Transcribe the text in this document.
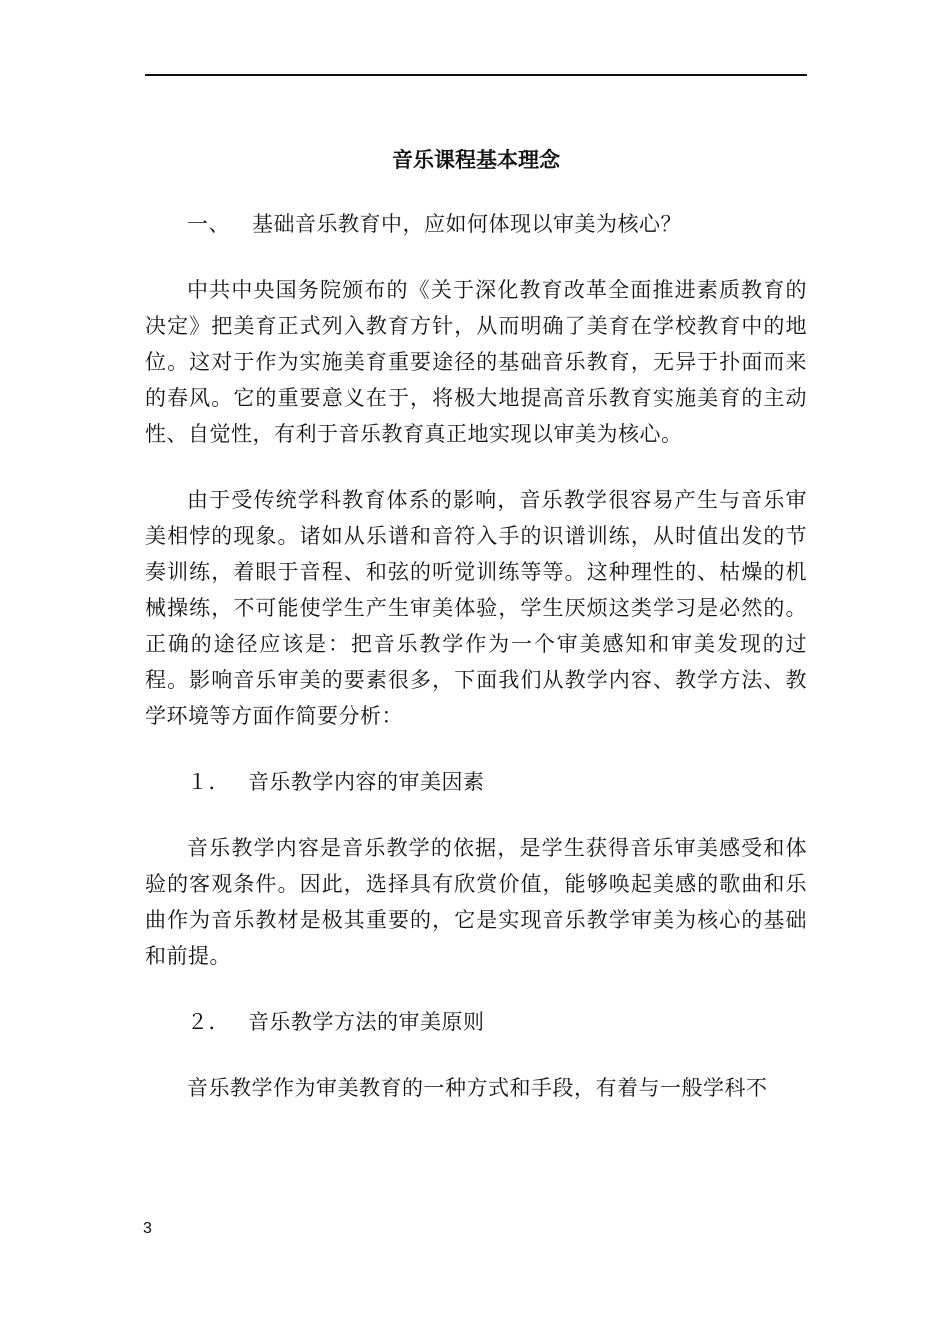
音乐课程基本理念
一、 基础音乐教育中，应如何体现以审美为核心？

中共中央国务院颁布的《关于深化教育改革全面推进素质教育的决定》把美育正式列入教育方针，从而明确了美育在学校教育中的地位。这对于作为实施美育重要途径的基础音乐教育，无异于扑面而来的春风。它的重要意义在于，将极大地提高音乐教育实施美育的主动性、自觉性，有利于音乐教育真正地实现以审美为核心。

由于受传统学科教育体系的影响，音乐教学很容易产生与音乐审美相悖的现象。诸如从乐谱和音符入手的识谱训练，从时值出发的节奏训练，着眼于音程、和弦的听觉训练等等。这种理性的、枯燥的机械操练，不可能使学生产生审美体验，学生厌烦这类学习是必然的。正确的途径应该是：把音乐教学作为一个审美感知和审美发现的过程。影响音乐审美的要素很多，下面我们从教学内容、教学方法、教学环境等方面作简要分析：

１． 音乐教学内容的审美因素

音乐教学内容是音乐教学的依据，是学生获得音乐审美感受和体验的客观条件。因此，选择具有欣赏价值，能够唤起美感的歌曲和乐曲作为音乐教材是极其重要的，它是实现音乐教学审美为核心的基础和前提。

２． 音乐教学方法的审美原则

音乐教学作为审美教育的一种方式和手段，有着与一般学科不

3
